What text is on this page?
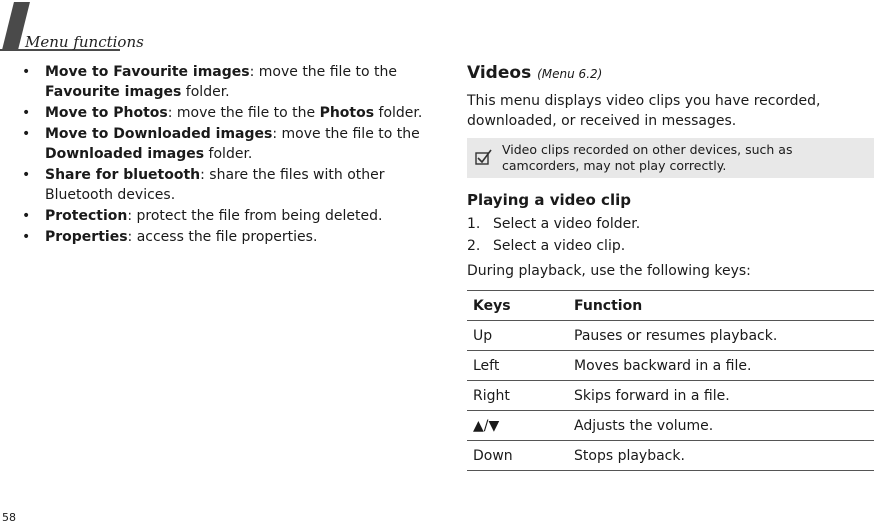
Menu functions
• Move to Favourite images: move the file to the Favourite images folder.
• Move to Photos: move the file to the Photos folder.
• Move to Downloaded images: move the file to the Downloaded images folder.
• Share for bluetooth: share the files with other Bluetooth devices.
• Protection: protect the file from being deleted.
• Properties: access the file properties.
Videos (Menu 6.2)
This menu displays video clips you have recorded, downloaded, or received in messages.
Video clips recorded on other devices, such as camcorders, may not play correctly.
Playing a video clip
1. Select a video folder.
2. Select a video clip.
During playback, use the following keys:
Keys	Function
Up	Pauses or resumes playback.
Left	Moves backward in a file.
Right	Skips forward in a file.
▲/▼	Adjusts the volume.
Down	Stops playback.
58
